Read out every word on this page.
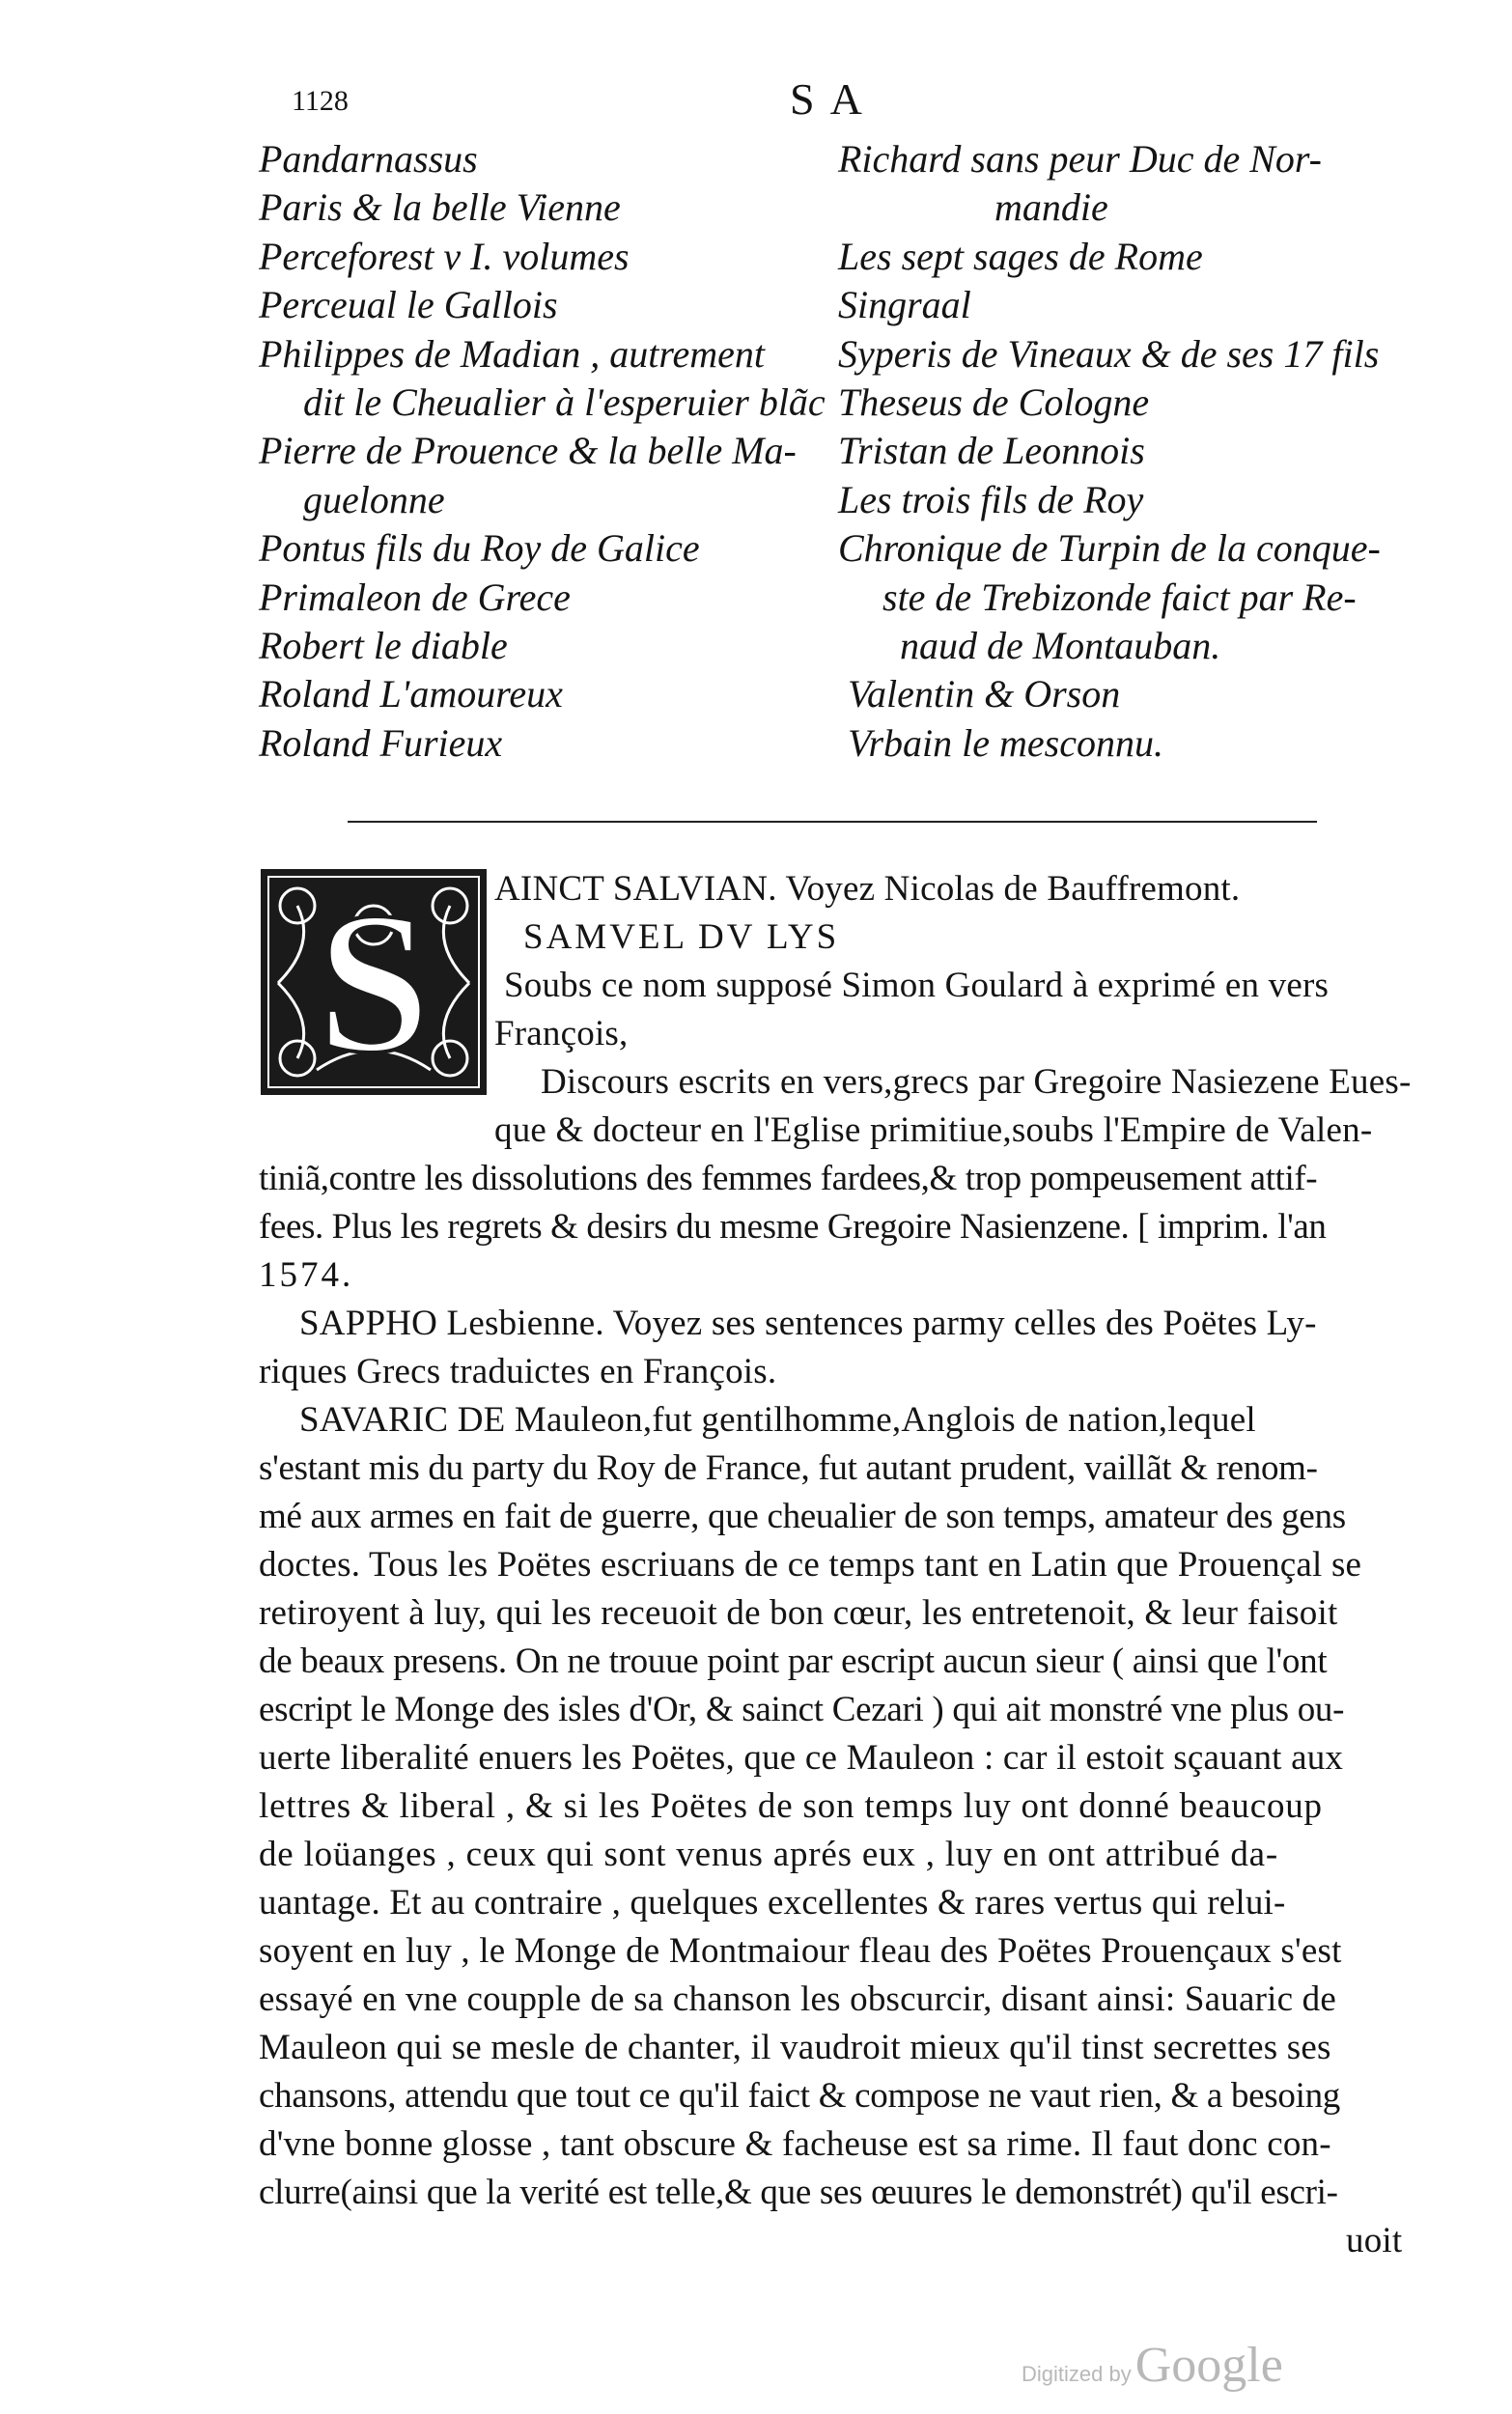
1128	SA
Pandarnassus
Paris & la belle Vienne
Perceforest v I. volumes
Perceual le Gallois
Philippes de Madian , autrement
dit le Cheualier à l'esperuier blãc
Pierre de Prouence & la belle Ma-
guelonne
Pontus fils du Roy de Galice
Primaleon de Grece
Robert le diable
Roland L'amoureux
Roland Furieux
Richard sans peur Duc de Nor-
mandie
Les sept sages de Rome
Singraal
Syperis de Vineaux & de ses 17 fils
Theseus de Cologne
Tristan de Leonnois
Les trois fils de Roy
Chronique de Turpin de la conque-
ste de Trebizonde faict par Re-
naud de Montauban.
Valentin & Orson
Vrbain le mesconnu.
S AINCT SALVIAN. Voyez Nicolas de Bauffremont.
SAMVEL DV LYS
Soubs ce nom supposé Simon Goulard à exprimé en vers
François,
Discours escrits en vers,grecs par Gregoire Nasiezene Eues-
que & docteur en l'Eglise primitiue,soubs l'Empire de Valen-
tiniã,contre les dissolutions des femmes fardees,& trop pompeusement attif-
fees. Plus les regrets & desirs du mesme Gregoire Nasienzene. [ imprim. l'an
1574.
SAPPHO Lesbienne. Voyez ses sentences parmy celles des Poëtes Ly-
riques Grecs traduictes en François.
SAVARIC DE Mauleon,fut gentilhomme,Anglois de nation,lequel
s'estant mis du party du Roy de France, fut autant prudent, vaillãt & renom-
mé aux armes en fait de guerre, que cheualier de son temps, amateur des gens
doctes. Tous les Poëtes escriuans de ce temps tant en Latin que Prouençal se
retiroyent à luy, qui les receuoit de bon cœur, les entretenoit, & leur faisoit
de beaux presens. On ne trouue point par escript aucun sieur ( ainsi que l'ont
escript le Monge des isles d'Or, & sainct Cezari ) qui ait monstré vne plus ou-
uerte liberalité enuers les Poëtes, que ce Mauleon : car il estoit sçauant aux
lettres & liberal , & si les Poëtes de son temps luy ont donné beaucoup
de loüanges , ceux qui sont venus aprés eux , luy en ont attribué da-
uantage. Et au contraire , quelques excellentes & rares vertus qui relui-
soyent en luy , le Monge de Montmaiour fleau des Poëtes Prouençaux s'est
essayé en vne coupple de sa chanson les obscurcir, disant ainsi: Sauaric de
Mauleon qui se mesle de chanter, il vaudroit mieux qu'il tinst secrettes ses
chansons, attendu que tout ce qu'il faict & compose ne vaut rien, & a besoing
d'vne bonne glosse , tant obscure & facheuse est sa rime. Il faut donc con-
clurre(ainsi que la verité est telle,& que ses œuures le demonstrét) qu'il escri-
uoit
Digitized by Google
